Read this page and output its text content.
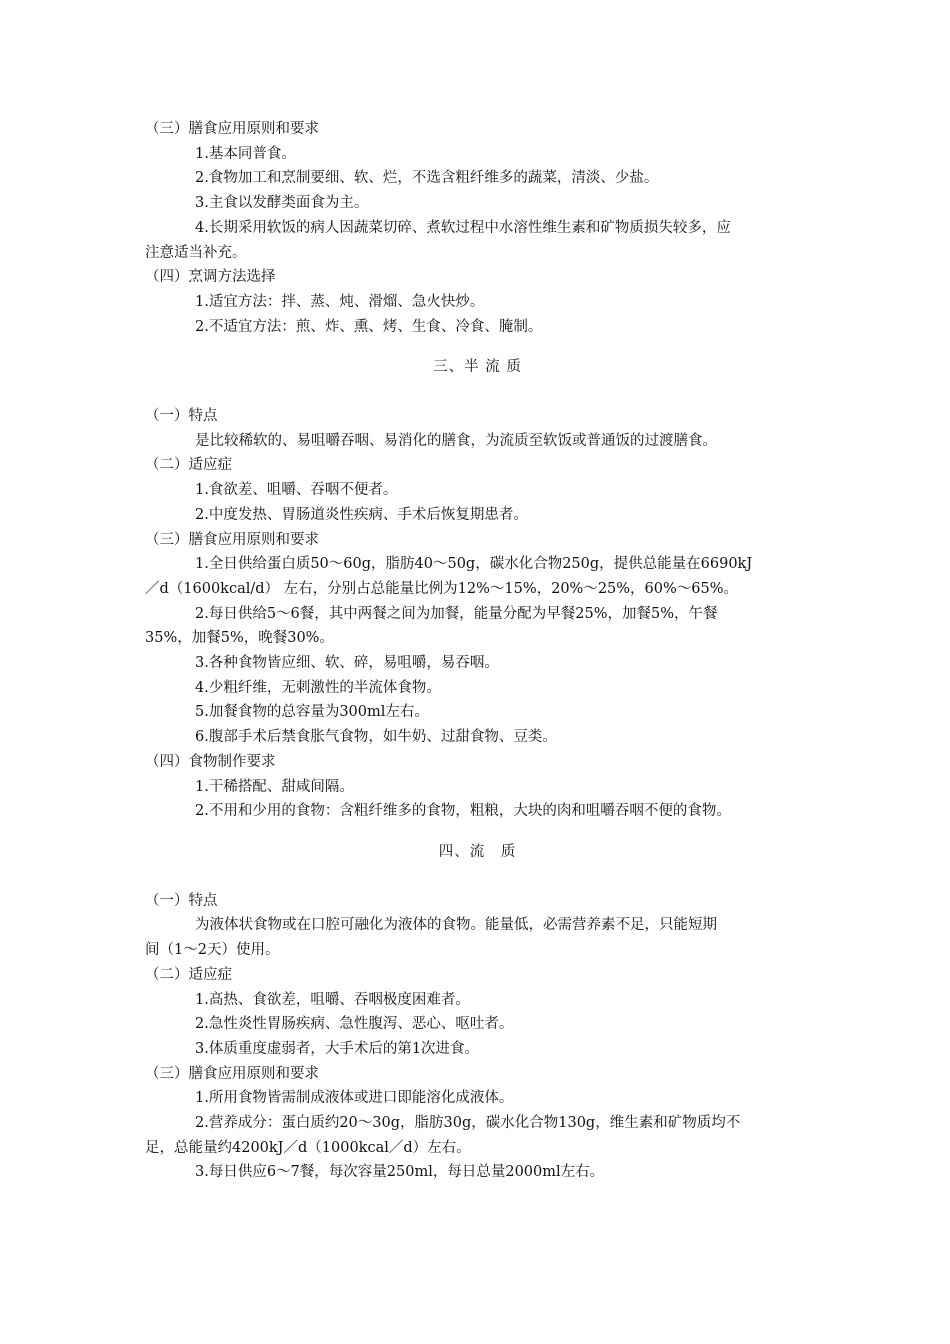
（三）膳食应用原则和要求
1.基本同普食。
2.食物加工和烹制要细、软、烂，不选含粗纤维多的蔬菜，清淡、少盐。
3.主食以发酵类面食为主。
4.长期采用软饭的病人因蔬菜切碎、煮软过程中水溶性维生素和矿物质损失较多，应
注意适当补充。
（四）烹调方法选择
1.适宜方法：拌、蒸、炖、滑熘、急火快炒。
2.不适宜方法：煎、炸、熏、烤、生食、冷食、腌制。
三、半 流 质
（一）特点
是比较稀软的、易咀嚼吞咽、易消化的膳食，为流质至软饭或普通饭的过渡膳食。
（二）适应症
1.食欲差、咀嚼、吞咽不便者。
2.中度发热、胃肠道炎性疾病、手术后恢复期患者。
（三）膳食应用原则和要求
1.全日供给蛋白质50～60g，脂肪40～50g，碳水化合物250g，提供总能量在6690kJ
／d（1600kcal/d） 左右，分别占总能量比例为12%～15%，20%～25%，60%～65%。
2.每日供给5～6餐，其中两餐之间为加餐，能量分配为早餐25%，加餐5%，午餐
35%，加餐5%，晚餐30%。
3.各种食物皆应细、软、碎，易咀嚼，易吞咽。
4.少粗纤维，无刺激性的半流体食物。
5.加餐食物的总容量为300ml左右。
6.腹部手术后禁食胀气食物，如牛奶、过甜食物、豆类。
（四）食物制作要求
1.干稀搭配、甜咸间隔。
2.不用和少用的食物：含粗纤维多的食物，粗粮，大块的肉和咀嚼吞咽不便的食物。
四、流　质
（一）特点
为液体状食物或在口腔可融化为液体的食物。能量低，必需营养素不足，只能短期
间（1～2天）使用。
（二）适应症
1.高热、食欲差，咀嚼、吞咽极度困难者。
2.急性炎性胃肠疾病、急性腹泻、恶心、呕吐者。
3.体质重度虚弱者，大手术后的第1次进食。
（三）膳食应用原则和要求
1.所用食物皆需制成液体或进口即能溶化成液体。
2.营养成分：蛋白质约20～30g，脂肪30g，碳水化合物130g，维生素和矿物质均不
足，总能量约4200kJ／d（1000kcal／d）左右。
3.每日供应6～7餐，每次容量250ml，每日总量2000ml左右。
